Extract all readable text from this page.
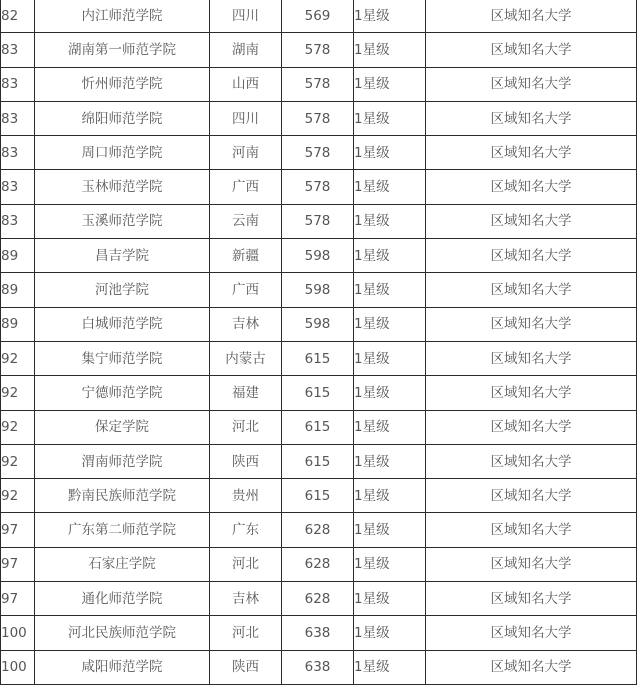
82	内江师范学院	四川	569	1星级	区域知名大学
83	湖南第一师范学院	湖南	578	1星级	区域知名大学
83	忻州师范学院	山西	578	1星级	区域知名大学
83	绵阳师范学院	四川	578	1星级	区域知名大学
83	周口师范学院	河南	578	1星级	区域知名大学
83	玉林师范学院	广西	578	1星级	区域知名大学
83	玉溪师范学院	云南	578	1星级	区域知名大学
89	昌吉学院	新疆	598	1星级	区域知名大学
89	河池学院	广西	598	1星级	区域知名大学
89	白城师范学院	吉林	598	1星级	区域知名大学
92	集宁师范学院	内蒙古	615	1星级	区域知名大学
92	宁德师范学院	福建	615	1星级	区域知名大学
92	保定学院	河北	615	1星级	区域知名大学
92	渭南师范学院	陕西	615	1星级	区域知名大学
92	黔南民族师范学院	贵州	615	1星级	区域知名大学
97	广东第二师范学院	广东	628	1星级	区域知名大学
97	石家庄学院	河北	628	1星级	区域知名大学
97	通化师范学院	吉林	628	1星级	区域知名大学
100	河北民族师范学院	河北	638	1星级	区域知名大学
100	咸阳师范学院	陕西	638	1星级	区域知名大学
